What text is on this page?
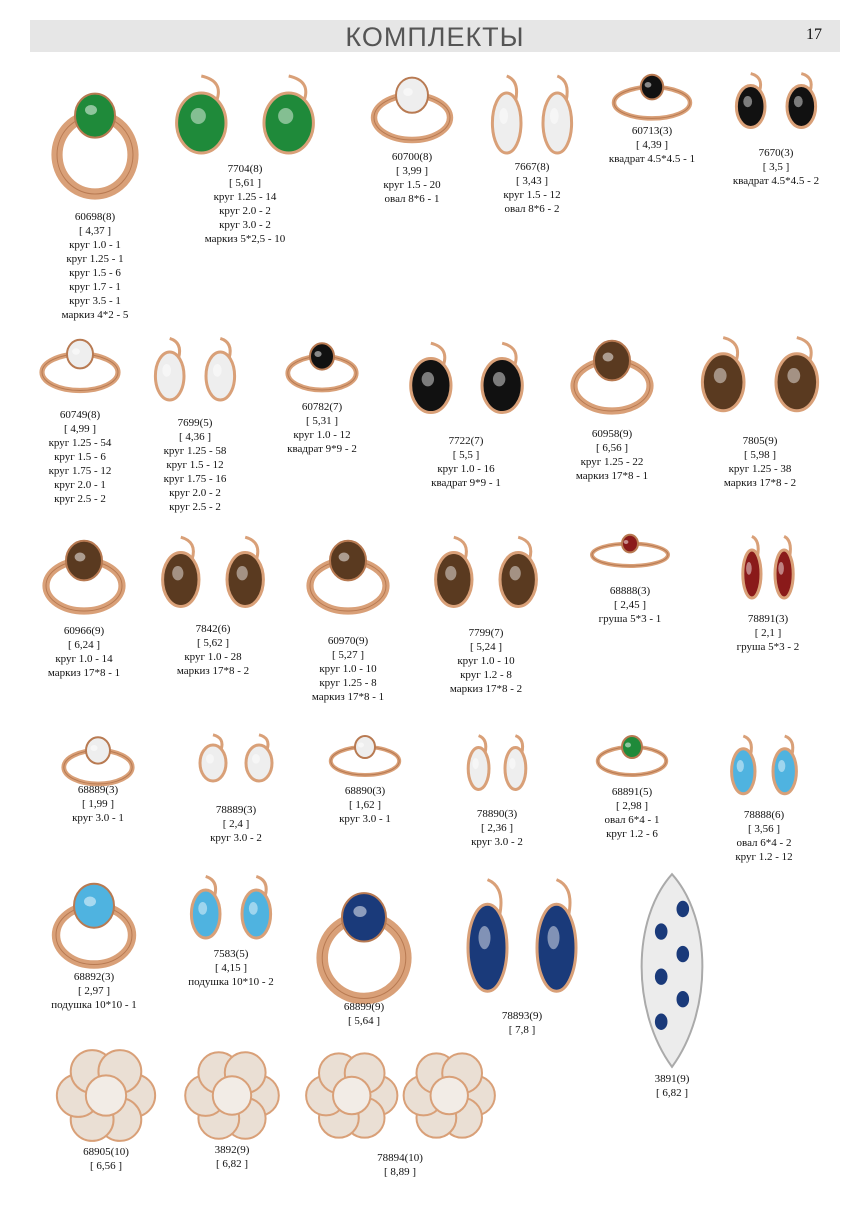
КОМПЛЕКТЫ	17
60698(8)
[ 4,37 ]
круг 1.0 - 1
круг 1.25 - 1
круг 1.5 - 6
круг 1.7 - 1
круг 3.5 - 1
маркиз 4*2 - 5
7704(8)
[ 5,61 ]
круг 1.25 - 14
круг 2.0 - 2
круг 3.0 - 2
маркиз 5*2,5 - 10
60700(8)
[ 3,99 ]
круг 1.5 - 20
овал 8*6 - 1
7667(8)
[ 3,43 ]
круг 1.5 - 12
овал 8*6 - 2
60713(3)
[ 4,39 ]
квадрат 4.5*4.5 - 1	7670(3)
[ 3,5 ]
квадрат 4.5*4.5 - 2
60749(8)
[ 4,99 ]
круг 1.25 - 54
круг 1.5 - 6
круг 1.75 - 12
круг 2.0 - 1
круг 2.5 - 2
7699(5)
[ 4,36 ]
круг 1.25 - 58
круг 1.5 - 12
круг 1.75 - 16
круг 2.0 - 2
круг 2.5 - 2
60782(7)
[ 5,31 ]
круг 1.0 - 12
квадрат 9*9 - 2
7722(7)
[ 5,5 ]
круг 1.0 - 16
квадрат 9*9 - 1
60958(9)
[ 6,56 ]
круг 1.25 - 22
маркиз 17*8 - 1
7805(9)
[ 5,98 ]
круг 1.25 - 38
маркиз 17*8 - 2
60966(9)
[ 6,24 ]
круг 1.0 - 14
маркиз 17*8 - 1
7842(6)
[ 5,62 ]
круг 1.0 - 28
маркиз 17*8 - 2
60970(9)
[ 5,27 ]
круг 1.0 - 10
круг 1.25 - 8
маркиз 17*8 - 1
7799(7)
[ 5,24 ]
круг 1.0 - 10
круг 1.2 - 8
маркиз 17*8 - 2
68888(3)
[ 2,45 ]
груша 5*3 - 1	78891(3)
[ 2,1 ]
груша 5*3 - 2
68889(3)
[ 1,99 ]
круг 3.0 - 1
78889(3)
[ 2,4 ]
круг 3.0 - 2
68890(3)
[ 1,62 ]
круг 3.0 - 1	78890(3)
[ 2,36 ]
круг 3.0 - 2
68891(5)
[ 2,98 ]
овал 6*4 - 1
круг 1.2 - 6
78888(6)
[ 3,56 ]
овал 6*4 - 2
круг 1.2 - 12
68892(3)
[ 2,97 ]
подушка 10*10 - 1
7583(5)
[ 4,15 ]
подушка 10*10 - 2
68899(9)
[ 5,64 ]	78893(9)
[ 7,8 ]
3891(9)
[ 6,82 ]
68905(10)
[ 6,56 ]
3892(9)
[ 6,82 ]	78894(10)
[ 8,89 ]
